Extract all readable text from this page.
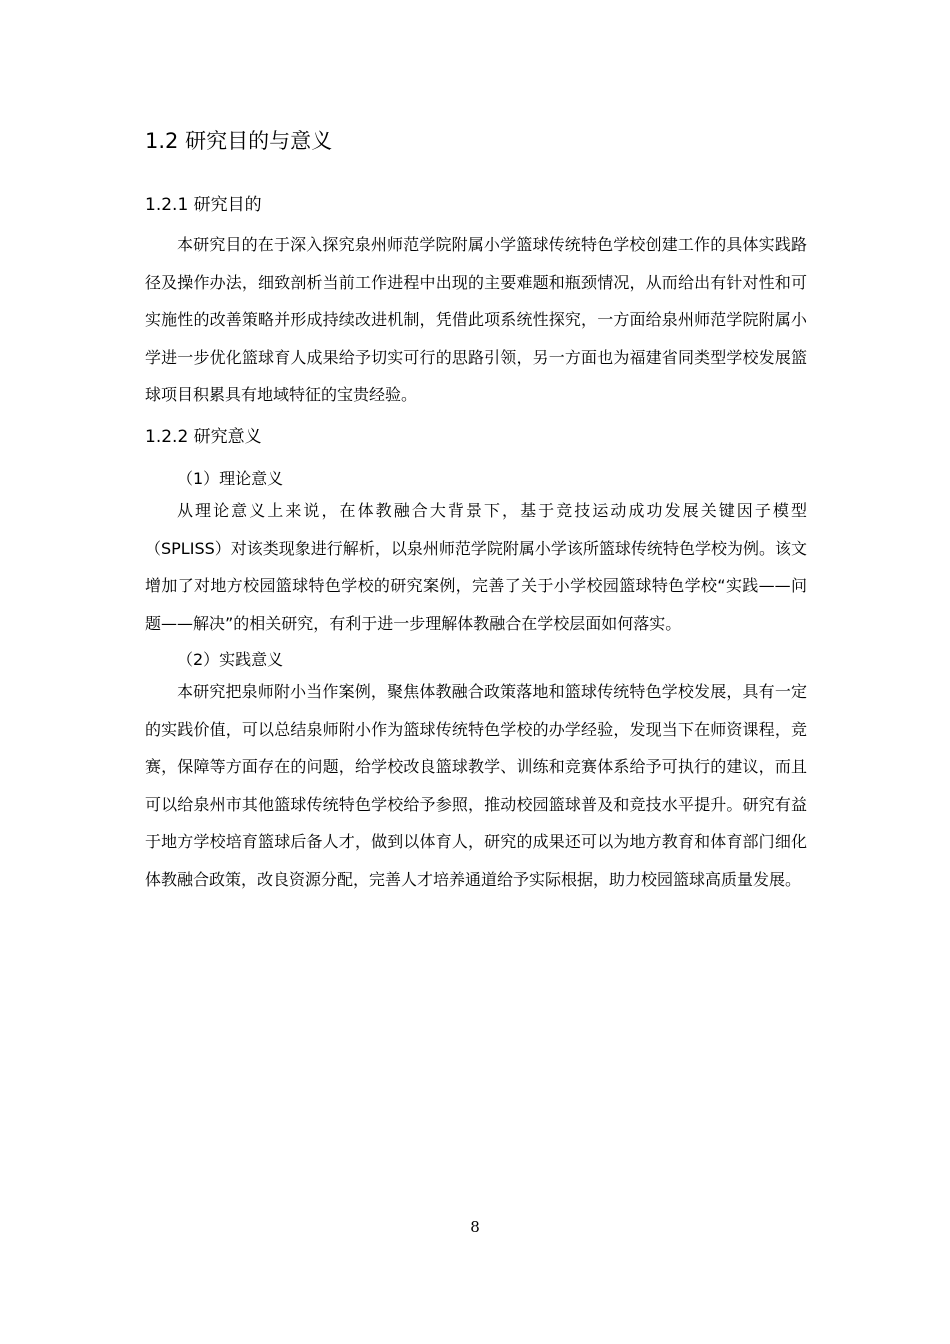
1.2 研究目的与意义
1.2.1 研究目的

本研究目的在于深入探究泉州师范学院附属小学篮球传统特色学校创建工作的具体实践路径及操作办法，细致剖析当前工作进程中出现的主要难题和瓶颈情况，从而给出有针对性和可实施性的改善策略并形成持续改进机制，凭借此项系统性探究，一方面给泉州师范学院附属小学进一步优化篮球育人成果给予切实可行的思路引领，另一方面也为福建省同类型学校发展篮球项目积累具有地域特征的宝贵经验。

1.2.2 研究意义
（1）理论意义

从理论意义上来说，在体教融合大背景下，基于竞技运动成功发展关键因子模型（SPLISS）对该类现象进行解析，以泉州师范学院附属小学该所篮球传统特色学校为例。该文增加了对地方校园篮球特色学校的研究案例，完善了关于小学校园篮球特色学校“实践——问题——解决”的相关研究，有利于进一步理解体教融合在学校层面如何落实。

（2）实践意义

本研究把泉师附小当作案例，聚焦体教融合政策落地和篮球传统特色学校发展，具有一定的实践价值，可以总结泉师附小作为篮球传统特色学校的办学经验，发现当下在师资课程，竞赛，保障等方面存在的问题，给学校改良篮球教学、训练和竞赛体系给予可执行的建议，而且可以给泉州市其他篮球传统特色学校给予参照，推动校园篮球普及和竞技水平提升。研究有益于地方学校培育篮球后备人才，做到以体育人，研究的成果还可以为地方教育和体育部门细化体教融合政策，改良资源分配，完善人才培养通道给予实际根据，助力校园篮球高质量发展。

8
